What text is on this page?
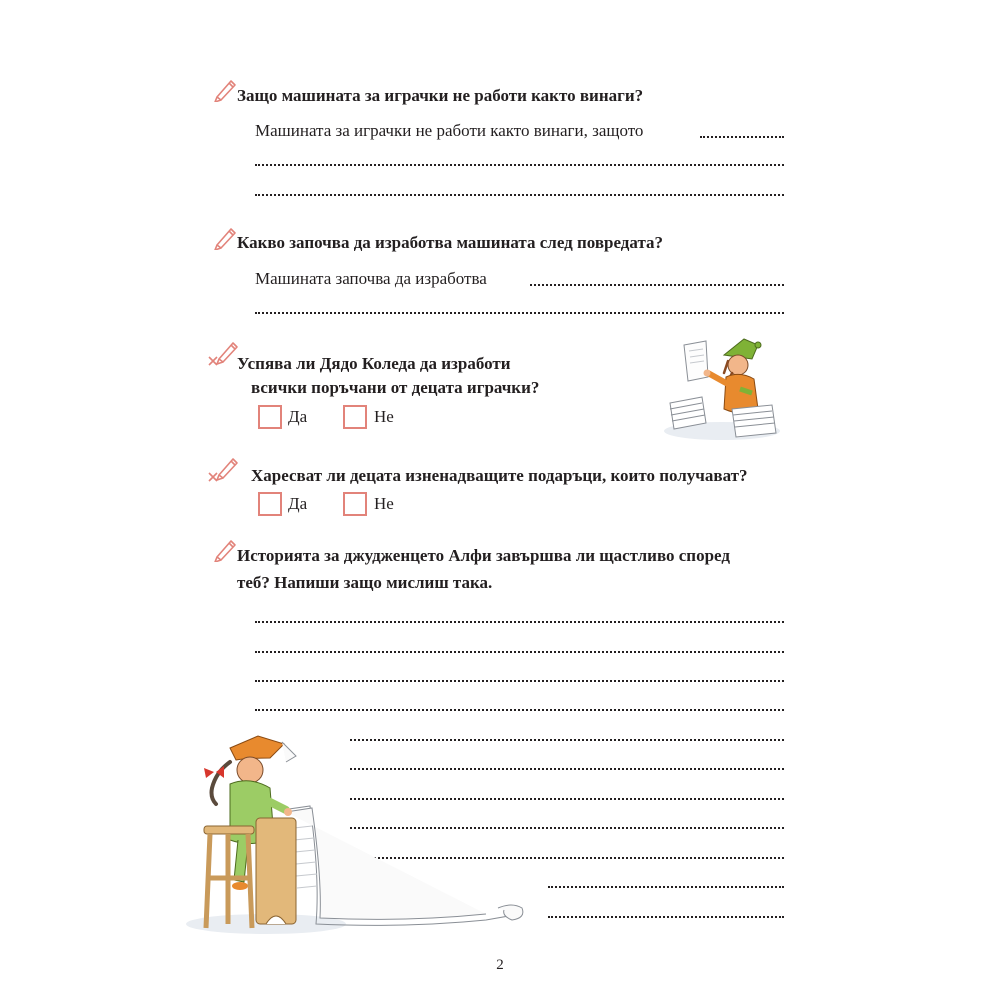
Защо машината за играчки не работи както винаги?
Машината за играчки не работи както винаги, защото
Какво започва да изработва машината след повредата?
Машината започва да изработва
Успява ли Дядо Коледа да изработи
всички поръчани от децата играчки?
Да	Не
Харесват ли децата изненадващите подаръци, които получават?
Да	Не
Историята за джудженцето Алфи завършва ли щастливо според
теб? Напиши защо мислиш така.
2
